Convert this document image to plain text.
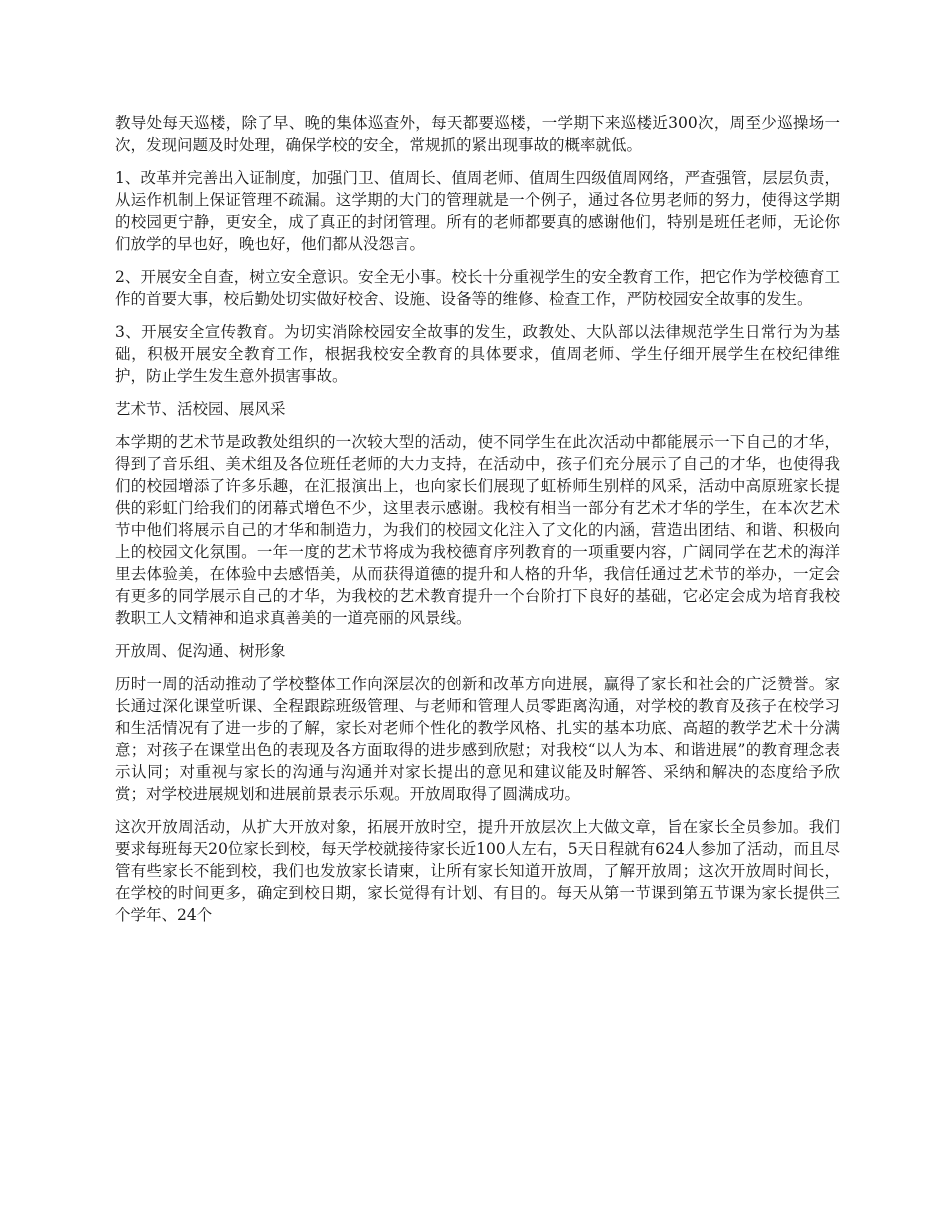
教导处每天巡楼，除了早、晚的集体巡查外，每天都要巡楼，一学期下来巡楼近300次，周至少巡操场一次，发现问题及时处理，确保学校的安全，常规抓的紧出现事故的概率就低。

1、改革并完善出入证制度，加强门卫、值周长、值周老师、值周生四级值周网络，严查强管，层层负责，从运作机制上保证管理不疏漏。这学期的大门的管理就是一个例子，通过各位男老师的努力，使得这学期的校园更宁静，更安全，成了真正的封闭管理。所有的老师都要真的感谢他们，特别是班任老师，无论你们放学的早也好，晚也好，他们都从没怨言。

2、开展安全自查，树立安全意识。安全无小事。校长十分重视学生的安全教育工作，把它作为学校德育工作的首要大事，校后勤处切实做好校舍、设施、设备等的维修、检查工作，严防校园安全故事的发生。

3、开展安全宣传教育。为切实消除校园安全故事的发生，政教处、大队部以法律规范学生日常行为为基础，积极开展安全教育工作，根据我校安全教育的具体要求，值周老师、学生仔细开展学生在校纪律维护，防止学生发生意外损害事故。

艺术节、活校园、展风采

本学期的艺术节是政教处组织的一次较大型的活动，使不同学生在此次活动中都能展示一下自己的才华，得到了音乐组、美术组及各位班任老师的大力支持，在活动中，孩子们充分展示了自己的才华，也使得我们的校园增添了许多乐趣，在汇报演出上，也向家长们展现了虹桥师生别样的风采，活动中高原班家长提供的彩虹门给我们的闭幕式增色不少，这里表示感谢。我校有相当一部分有艺术才华的学生，在本次艺术节中他们将展示自己的才华和制造力，为我们的校园文化注入了文化的内涵，营造出团结、和谐、积极向上的校园文化氛围。一年一度的艺术节将成为我校德育序列教育的一项重要内容，广阔同学在艺术的海洋里去体验美，在体验中去感悟美，从而获得道德的提升和人格的升华，我信任通过艺术节的举办，一定会有更多的同学展示自己的才华，为我校的艺术教育提升一个台阶打下良好的基础，它必定会成为培育我校教职工人文精神和追求真善美的一道亮丽的风景线。

开放周、促沟通、树形象

历时一周的活动推动了学校整体工作向深层次的创新和改革方向进展，赢得了家长和社会的广泛赞誉。家长通过深化课堂听课、全程跟踪班级管理、与老师和管理人员零距离沟通，对学校的教育及孩子在校学习和生活情况有了进一步的了解，家长对老师个性化的教学风格、扎实的基本功底、高超的教学艺术十分满意；对孩子在课堂出色的表现及各方面取得的进步感到欣慰；对我校“以人为本、和谐进展”的教育理念表示认同；对重视与家长的沟通与沟通并对家长提出的意见和建议能及时解答、采纳和解决的态度给予欣赏；对学校进展规划和进展前景表示乐观。开放周取得了圆满成功。

这次开放周活动，从扩大开放对象，拓展开放时空，提升开放层次上大做文章，旨在家长全员参加。我们要求每班每天20位家长到校，每天学校就接待家长近100人左右，5天日程就有624人参加了活动，而且尽管有些家长不能到校，我们也发放家长请柬，让所有家长知道开放周，了解开放周；这次开放周时间长，在学校的时间更多，确定到校日期，家长觉得有计划、有目的。每天从第一节课到第五节课为家长提供三个学年、24个
